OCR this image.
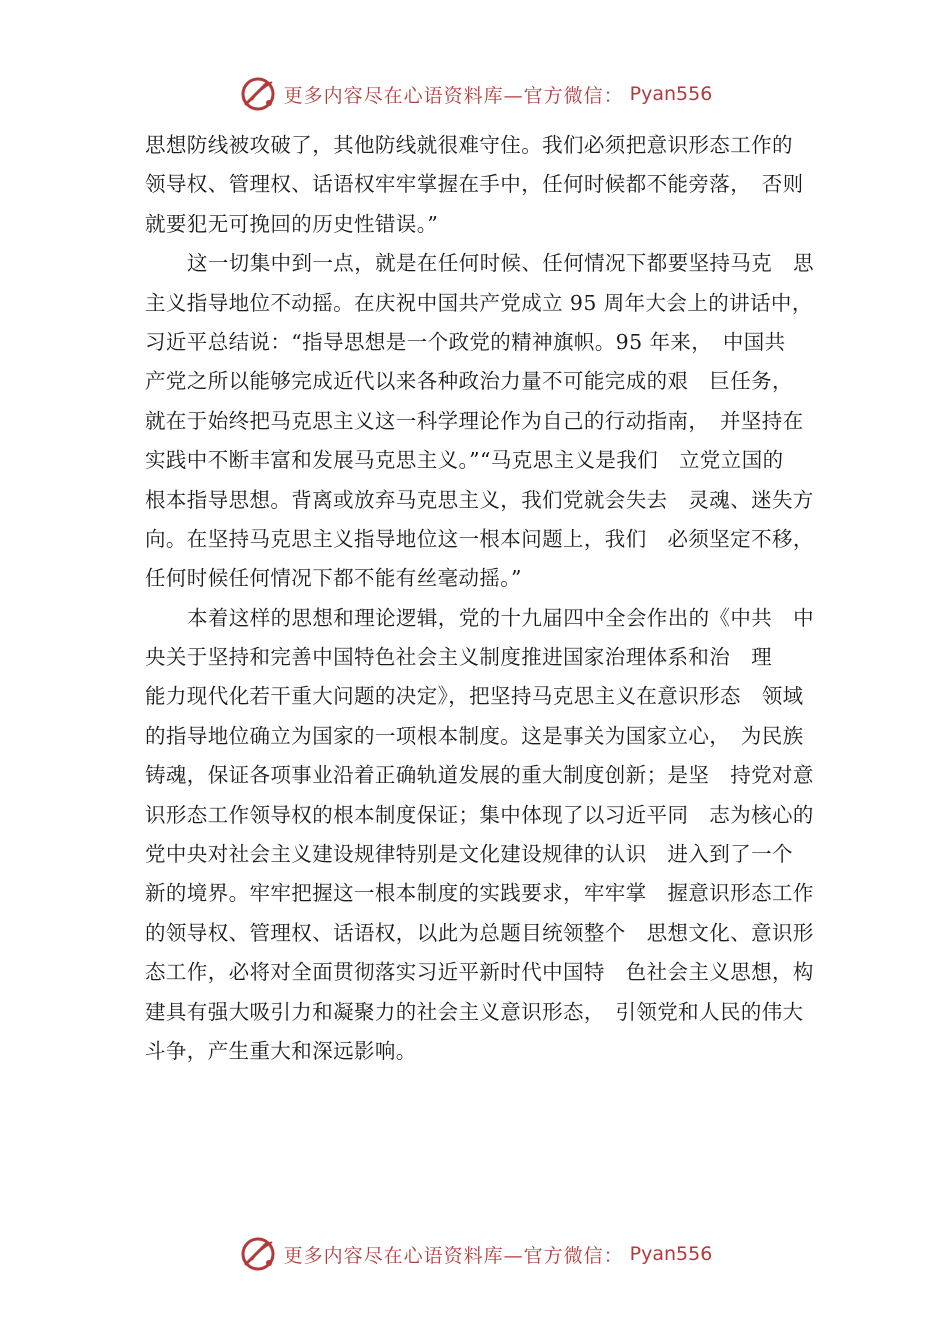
更多内容尽在心语资料库—官方微信： Pyan556
思想防线被攻破了，其他防线就很难守住。我们必须把意识形态工作的
领导权、管理权、话语权牢牢掌握在手中，任何时候都不能旁落，　否则
就要犯无可挽回的历史性错误。”
这一切集中到一点，就是在任何时候、任何情况下都要坚持马克　思
主义指导地位不动摇。在庆祝中国共产党成立 95 周年大会上的讲话中，
习近平总结说：“指导思想是一个政党的精神旗帜。95 年来，　中国共
产党之所以能够完成近代以来各种政治力量不可能完成的艰　巨任务，
就在于始终把马克思主义这一科学理论作为自己的行动指南，　并坚持在
实践中不断丰富和发展马克思主义。”“马克思主义是我们　立党立国的
根本指导思想。背离或放弃马克思主义，我们党就会失去　灵魂、迷失方
向。在坚持马克思主义指导地位这一根本问题上，我们　必须坚定不移，
任何时候任何情况下都不能有丝毫动摇。”
本着这样的思想和理论逻辑，党的十九届四中全会作出的《中共　中
央关于坚持和完善中国特色社会主义制度推进国家治理体系和治　理
能力现代化若干重大问题的决定》，把坚持马克思主义在意识形态　领域
的指导地位确立为国家的一项根本制度。这是事关为国家立心，　为民族
铸魂，保证各项事业沿着正确轨道发展的重大制度创新；是坚　持党对意
识形态工作领导权的根本制度保证；集中体现了以习近平同　志为核心的
党中央对社会主义建设规律特别是文化建设规律的认识　进入到了一个
新的境界。牢牢把握这一根本制度的实践要求，牢牢掌　握意识形态工作
的领导权、管理权、话语权，以此为总题目统领整个　思想文化、意识形
态工作，必将对全面贯彻落实习近平新时代中国特　色社会主义思想，构
建具有强大吸引力和凝聚力的社会主义意识形态，　引领党和人民的伟大
斗争，产生重大和深远影响。
更多内容尽在心语资料库—官方微信： Pyan556
